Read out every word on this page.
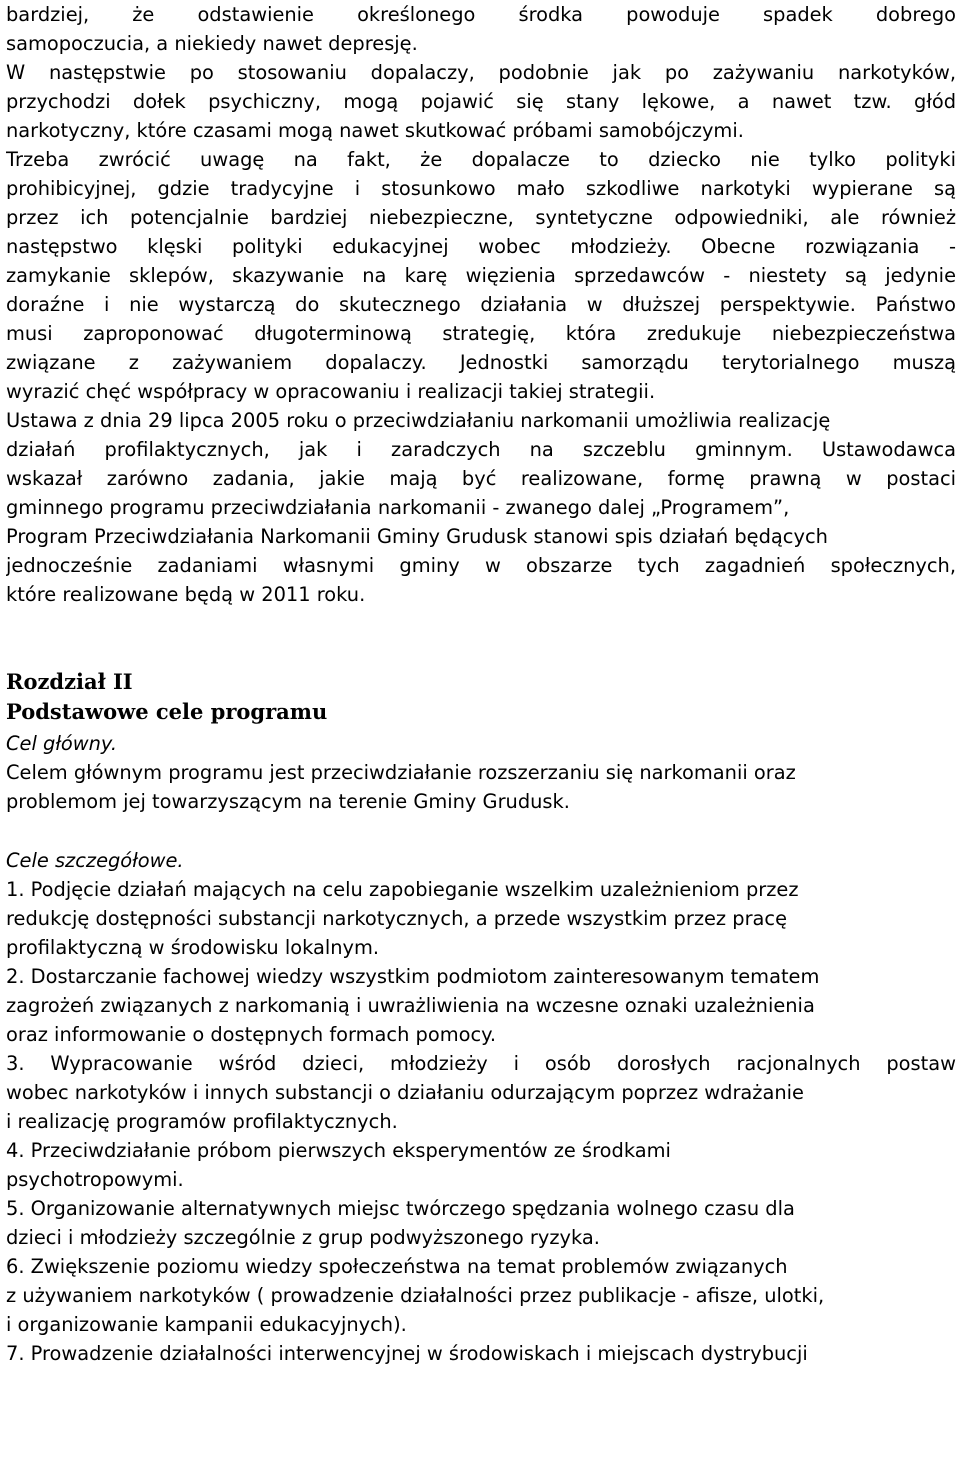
bardziej, że odstawienie określonego środka powoduje spadek dobrego
samopoczucia, a niekiedy nawet depresję.
W następstwie po stosowaniu dopalaczy, podobnie jak po zażywaniu narkotyków,
przychodzi dołek psychiczny, mogą pojawić się stany lękowe, a nawet tzw. głód
narkotyczny, które czasami mogą nawet skutkować próbami samobójczymi.
Trzeba zwrócić uwagę na fakt, że dopalacze to dziecko nie tylko polityki
prohibicyjnej, gdzie tradycyjne i stosunkowo mało szkodliwe narkotyki wypierane są
przez ich potencjalnie bardziej niebezpieczne, syntetyczne odpowiedniki, ale również
następstwo klęski polityki edukacyjnej wobec młodzieży. Obecne rozwiązania -
zamykanie sklepów, skazywanie na karę więzienia sprzedawców - niestety są jedynie
doraźne i nie wystarczą do skutecznego działania w dłuższej perspektywie. Państwo
musi zaproponować długoterminową strategię, która zredukuje niebezpieczeństwa
związane z zażywaniem dopalaczy. Jednostki samorządu terytorialnego muszą
wyrazić chęć współpracy w opracowaniu i realizacji takiej strategii.
Ustawa z dnia 29 lipca 2005 roku o przeciwdziałaniu narkomanii umożliwia realizację
działań profilaktycznych, jak i zaradczych na szczeblu gminnym. Ustawodawca
wskazał zarówno zadania, jakie mają być realizowane, formę prawną w postaci
gminnego programu przeciwdziałania narkomanii - zwanego dalej „Programem”,
Program Przeciwdziałania Narkomanii Gminy Grudusk stanowi spis działań będących
jednocześnie zadaniami własnymi gminy w obszarze tych zagadnień społecznych,
które realizowane będą w 2011 roku.
Rozdział II
Podstawowe cele programu
Cel główny.
Celem głównym programu jest przeciwdziałanie rozszerzaniu się narkomanii oraz
problemom jej towarzyszącym na terenie Gminy Grudusk.
Cele szczegółowe.
1. Podjęcie działań mających na celu zapobieganie wszelkim uzależnieniom przez
redukcję dostępności substancji narkotycznych, a przede wszystkim przez pracę
profilaktyczną w środowisku lokalnym.
2. Dostarczanie fachowej wiedzy wszystkim podmiotom zainteresowanym tematem
zagrożeń związanych z narkomanią i uwrażliwienia na wczesne oznaki uzależnienia
oraz informowanie o dostępnych formach pomocy.
3. Wypracowanie wśród dzieci, młodzieży i osób dorosłych racjonalnych postaw
wobec narkotyków i innych substancji o działaniu odurzającym poprzez wdrażanie
i realizację programów profilaktycznych.
4. Przeciwdziałanie próbom pierwszych eksperymentów ze środkami
psychotropowymi.
5. Organizowanie alternatywnych miejsc twórczego spędzania wolnego czasu dla
dzieci i młodzieży szczególnie z grup podwyższonego ryzyka.
6. Zwiększenie poziomu wiedzy społeczeństwa na temat problemów związanych
z używaniem narkotyków ( prowadzenie działalności przez publikacje - afisze, ulotki,
i organizowanie kampanii edukacyjnych).
7. Prowadzenie działalności interwencyjnej w środowiskach i miejscach dystrybucji
